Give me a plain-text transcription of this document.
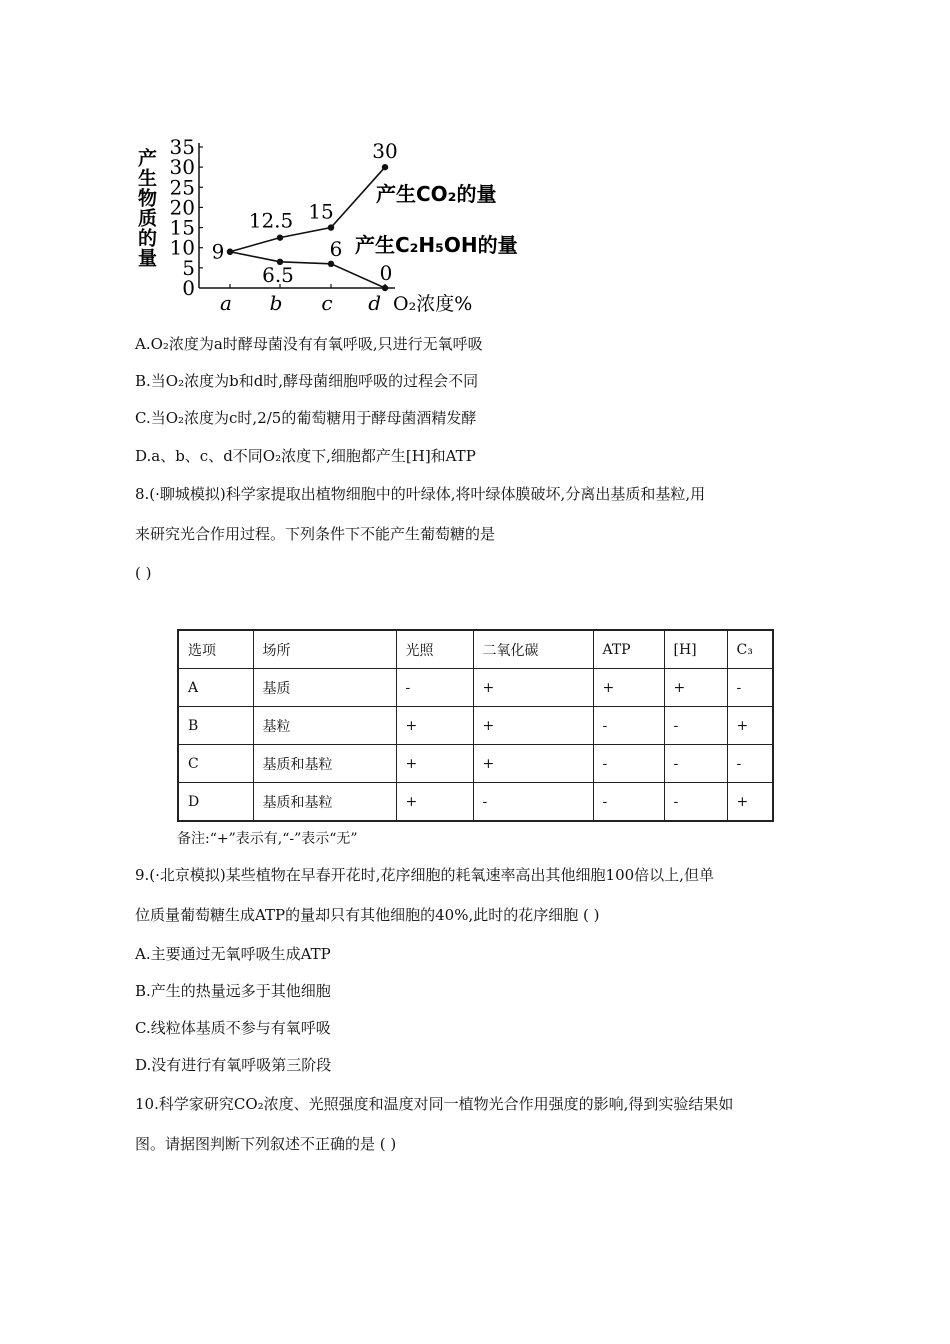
产生物质的量
35
30
25
20
15
10
5
0
a b c d O₂浓度%
9
12.5 15
30
6.5
6
0
产生CO₂的量
产生C₂H₅OH的量
A.O₂浓度为a时酵母菌没有有氧呼吸,只进行无氧呼吸
B.当O₂浓度为b和d时,酵母菌细胞呼吸的过程会不同
C.当O₂浓度为c时,2/5的葡萄糖用于酵母菌酒精发酵
D.a、b、c、d不同O₂浓度下,细胞都产生[H]和ATP
8.(·聊城模拟)科学家提取出植物细胞中的叶绿体,将叶绿体膜破坏,分离出基质和基粒,用
来研究光合作用过程。下列条件下不能产生葡萄糖的是
( )
选项	场所	光照	二氧化碳	ATP	[H]	C₃
A	基质	-	+	+	+	-
B	基粒	+	+	-	-	+
C	基质和基粒	+	+	-	-	-
D	基质和基粒	+	-	-	-	+
备注:“+”表示有,“-”表示“无”
9.(·北京模拟)某些植物在早春开花时,花序细胞的耗氧速率高出其他细胞100倍以上,但单
位质量葡萄糖生成ATP的量却只有其他细胞的40%,此时的花序细胞 ( )
A.主要通过无氧呼吸生成ATP
B.产生的热量远多于其他细胞
C.线粒体基质不参与有氧呼吸
D.没有进行有氧呼吸第三阶段
10.科学家研究CO₂浓度、光照强度和温度对同一植物光合作用强度的影响,得到实验结果如
图。请据图判断下列叙述不正确的是 ( )
